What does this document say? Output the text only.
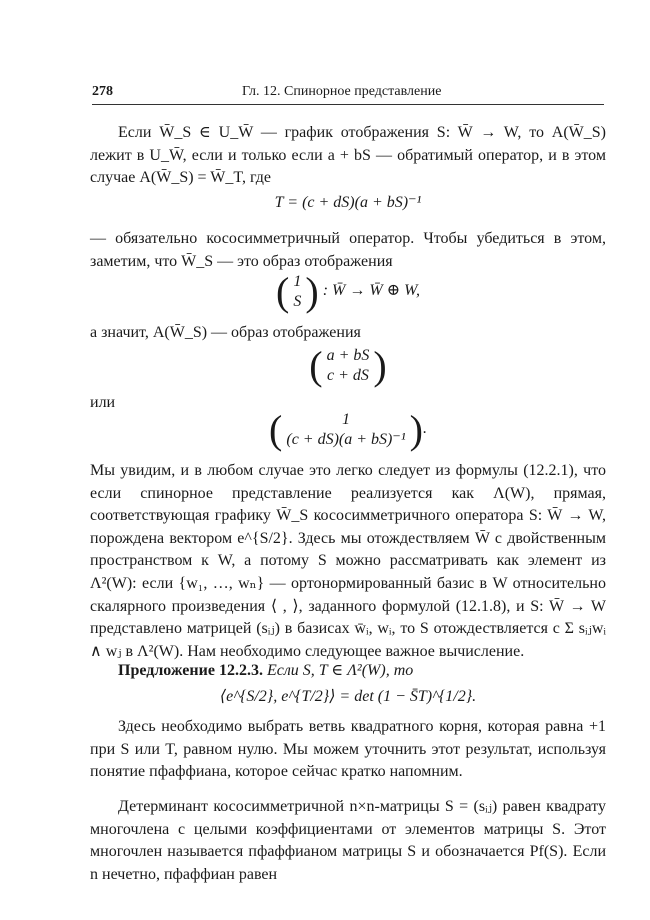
278	Гл. 12. Спинорное представление

Если W̄_S ∈ U_W̄ — график отображения S: W̄ → W, то A(W̄_S) лежит в U_W̄, если и только если a + bS — обратимый оператор, и в этом случае A(W̄_S) = W̄_T, где

T = (c + dS)(a + bS)⁻¹

— обязательно кососимметричный оператор. Чтобы убедиться в этом, заметим, что W̄_S — это образ отображения

( 1
S ) : W̄ → W̄ ⊕ W,

а значит, A(W̄_S) — образ отображения

( a + bS
c + dS )

или

(	1
(c + dS)(a + bS)⁻¹ ).

Мы увидим, и в любом случае это легко следует из формулы (12.2.1), что если спинорное представление реализуется как Λ(W), прямая, соответствующая графику W̄_S кососимметричного оператора S: W̄ → W, порождена вектором e^{S/2}. Здесь мы отождествляем W̄ с двойственным пространством к W, а потому S можно рассматривать как элемент из Λ²(W): если {w₁, …, wₙ} — ортонормированный базис в W относительно скалярного произведения ⟨ , ⟩, заданного формулой (12.1.8), и S: W̄ → W представлено матрицей (sᵢⱼ) в базисах w̄ᵢ, wᵢ, то S отождествляется с Σ sᵢⱼwᵢ ∧ wⱼ в Λ²(W). Нам необходимо следующее важное вычисление.

Предложение 12.2.3. Если S, T ∈ Λ²(W), то

⟨e^{S/2}, e^{T/2}⟩ = det (1 − S̄T)^{1/2}.

Здесь необходимо выбрать ветвь квадратного корня, которая равна +1 при S или T, равном нулю. Мы можем уточнить этот результат, используя понятие пфаффиана, которое сейчас кратко напомним.

Детерминант кососимметричной n×n-матрицы S = (sᵢⱼ) равен квадрату многочлена с целыми коэффициентами от элементов матрицы S. Этот многочлен называется пфаффианом матрицы S и обозначается Pf(S). Если n нечетно, пфаффиан равен
